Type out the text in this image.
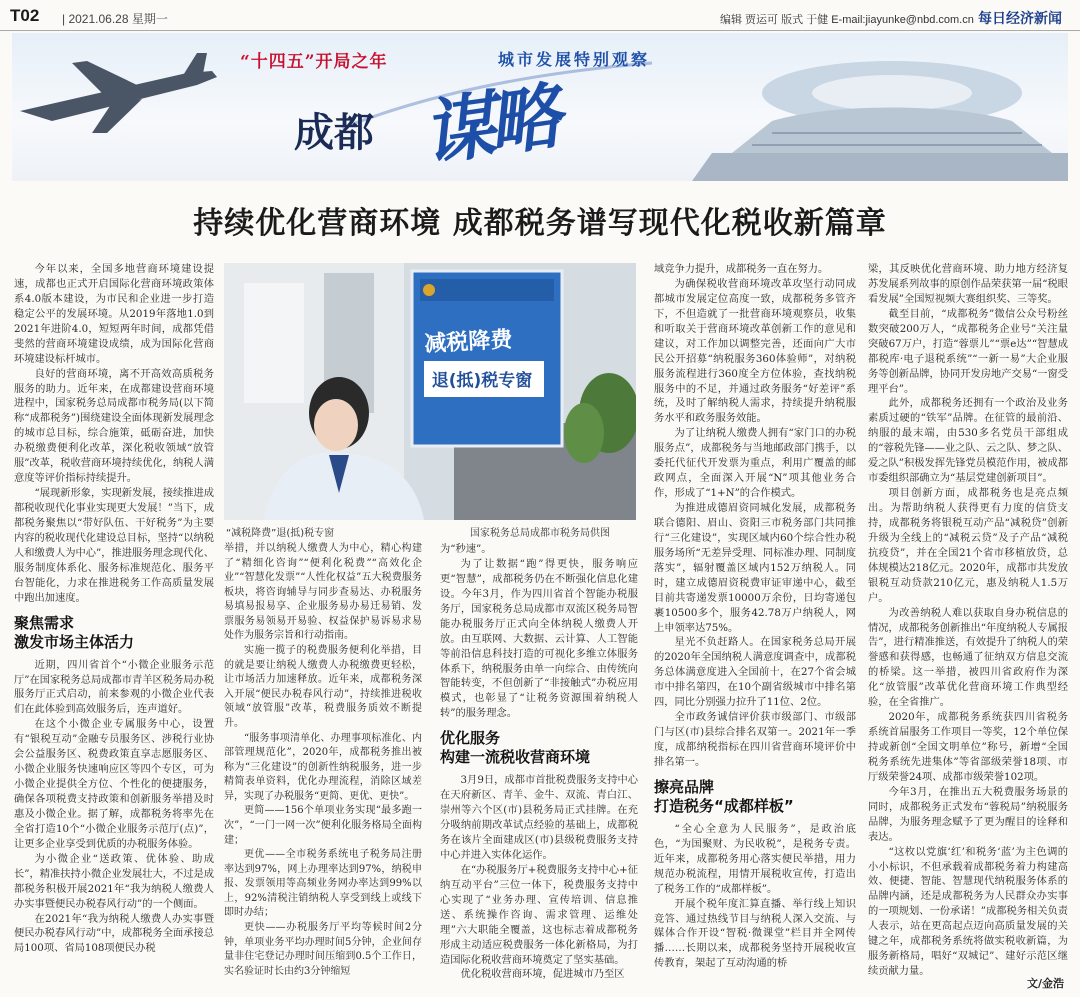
T02 | 2021.06.28 星期一	编辑 贾运可 版式 于健 E-mail:jiayunke@nbd.com.cn 每日经济新闻
“十四五”开局之年	城市发展特别观察
成都 谋略
持续优化营商环境 成都税务谱写现代化税收新篇章

今年以来，全国多地营商环境建设提速，成都也正式开启国际化营商环境政策体系4.0版本建设，为市民和企业进一步打造稳定公平的发展环境。从2019年落地1.0到2021年进阶4.0，短短两年时间，成都凭借斐然的营商环境建设成绩，成为国际化营商环境建设标杆城市。

良好的营商环境，离不开高效高质税务服务的助力。近年来，在成都建设营商环境进程中，国家税务总局成都市税务局(以下简称“成都税务”)围绕建设全面体现新发展理念的城市总目标，综合施策，砥砺奋进，加快办税缴费便利化改革，深化税收领域“放管服”改革，税收营商环境持续优化，纳税人满意度等评价指标持续提升。

“展现新形象，实现新发展，接续推进成都税收现代化事业实现更大发展！”当下，成都税务聚焦以“带好队伍、干好税务”为主要内容的税收现代化建设总目标，坚持“以纳税人和缴费人为中心”，推进服务理念现代化、服务制度体系化、服务标准规范化、服务平台智能化，力求在推进税务工作高质量发展中跑出加速度。

聚焦需求
激发市场主体活力

近期，四川省首个“小微企业服务示范厅”在国家税务总局成都市青羊区税务局办税服务厅正式启动，前来参观的小微企业代表们在此体验到高效服务后，连声道好。

在这个小微企业专属服务中心，设置有“银税互动”金融专员服务区、涉税行业协会公益服务区、税费政策直享志愿服务区、小微企业服务快速响应区等四个专区，可为小微企业提供全方位、个性化的便捷服务，确保各项税费支持政策和创新服务举措及时惠及小微企业。据了解，成都税务将率先在全省打造10个“小微企业服务示范厅(点)”，让更多企业享受到优质的办税服务体验。

为小微企业“送政策、优体验、助成长”，精准扶持小微企业发展壮大，不过是成都税务积极开展2021年“我为纳税人缴费人办实事暨便民办税春风行动”的一个侧面。

在2021年“我为纳税人缴费人办实事暨便民办税春风行动”中，成都税务全面承接总局100项、省局108项便民办税

减税降费
退(抵)税专窗
“减税降费”退(抵)税专窗	国家税务总局成都市税务局供图

举措，并以纳税人缴费人为中心，精心构建了“精细化咨询”“便利化税费”“高效化企业”“智慧化发票”“人性化权益”五大税费服务板块，将咨询辅导与同步查易达、办税服务易填易报易享、企业服务易办易迁易销、发票服务易领易开易验、权益保护易诉易求易处作为服务宗旨和行动指南。

实施一揽子的税费服务便利化举措，目的就是要让纳税人缴费人办税缴费更轻松，让市场活力加速释放。近年来，成都税务深入开展“便民办税春风行动”，持续推进税收领域“放管服”改革，税费服务质效不断提升。

“服务事项清单化、办理事项标准化、内部管理规范化”，2020年，成都税务推出被称为“三化建设”的创新性纳税服务，进一步精简表单资料，优化办理流程，消除区域差异，实现了办税服务“更简、更优、更快”。

更简——156个单项业务实现“最多跑一次”，“一门一网一次”便利化服务格局全面构建；

更优——全市税务系统电子税务局注册率达到97%，网上办理率达到97%，纳税申报、发票领用等高频业务网办率达到99%以上，92%清税注销纳税人享受到线上或线下即时办结；

更快——办税服务厅平均等候时间2分钟，单项业务平均办理时间5分钟，企业间存量非住宅登记办理时间压缩到0.5个工作日，实名验证时长由约3分钟缩短

为“秒速”。

为了让数据“跑”得更快，服务响应更“智慧”，成都税务仍在不断强化信息化建设。今年3月，作为四川省首个智能办税服务厅，国家税务总局成都市双流区税务局智能办税服务厅正式向全体纳税人缴费人开放。由互联网、大数据、云计算、人工智能等前沿信息科技打造的可视化多维立体服务体系下，纳税服务由单一向综合、由传统向智能转变，不但创新了“非接触式”办税应用模式，也彰显了“让税务资源围着纳税人转”的服务理念。

优化服务
构建一流税收营商环境

3月9日，成都市首批税费服务支持中心在天府新区、青羊、金牛、双流、青白江、崇州等六个区(市)县税务局正式挂牌。在充分吸纳前期改革试点经验的基础上，成都税务在该片全面建成区(市)县级税费服务支持中心并进入实体化运作。

在“办税服务厅+税费服务支持中心+征纳互动平台”三位一体下，税费服务支持中心实现了“业务办理、宣传培训、信息推送、系统操作咨询、需求管理、运维处理”六大职能全覆盖，这也标志着成都税务形成主动适应税费服务一体化新格局，为打造国际化税收营商环境奠定了坚实基础。

优化税收营商环境，促进城市乃至区

域竞争力提升，成都税务一直在努力。

为确保税收营商环境改革攻坚行动同成都城市发展定位高度一致，成都税务多管齐下，不但造就了一批营商环境观察员，收集和听取关于营商环境改革创新工作的意见和建议，对工作加以调整完善，还面向广大市民公开招募“纳税服务360体验师”，对纳税服务流程进行360度全方位体验，查找纳税服务中的不足，并通过政务服务“好差评”系统，及时了解纳税人需求，持续提升纳税服务水平和政务服务效能。

为了让纳税人缴费人拥有“家门口的办税服务点”，成都税务与当地邮政部门携手，以委托代征代开发票为重点，利用广覆盖的邮政网点，全面深入开展“N”项其他业务合作，形成了“1+N”的合作模式。

为推进成德眉资同城化发展，成都税务联合德阳、眉山、资阳三市税务部门共同推行“三化建设”，实现区域内60个综合性办税服务场所“无差异受理、同标准办理、同制度落实”，辐射覆盖区域内152万纳税人。同时，建立成德眉资税费审证审递中心，截至目前共寄递发票10000万余份，日均寄递包裹10500多个，服务42.78万户纳税人，网上申领率达75%。

星光不负赶路人。在国家税务总局开展的2020年全国纳税人满意度调查中，成都税务总体满意度进入全国前十，在27个省会城市中排名第四，在10个副省级城市中排名第四，同比分别强力拉升了11位、2位。

全市政务诚信评价获市级部门、市级部门与区(市)县综合排名双第一。2021年一季度，成都纳税指标在四川省营商环境评价中排名第一。

擦亮品牌
打造税务“成都样板”

“全心全意为人民服务”，是政治底色，“为国聚财、为民收税”，是税务专责。近年来，成都税务用心落实便民举措，用力规范办税流程，用情开展税收宣传，打造出了税务工作的“成都样板”。

开展个税年度汇算直播、举行线上知识竞答、通过热线节目与纳税人深入交流、与媒体合作开设“智税·微课堂”栏目并全网传播……长期以来，成都税务坚持开展税收宣传教育，架起了互动沟通的桥

梁，其反映优化营商环境、助力地方经济复苏发展系列故事的原创作品荣获第一届“税眼看发展”全国短视频大赛组织奖、三等奖。

截至目前，“成都税务”微信公众号粉丝数突破200万人，“成都税务企业号”关注量突破67万户，打造“蓉票儿”“票e达”“智慧成都税库·电子退税系统”“一新一易”大企业服务等创新品牌，协同开发房地产交易“一窗受理平台”。

此外，成都税务还拥有一个政治及业务素质过硬的“铁军”品牌。在征管的最前沿、纳服的最末端，由530多名党员干部组成的“蓉税先锋——业之队、云之队、梦之队、爱之队”积极发挥先锋党员模范作用，被成都市委组织部确立为“基层党建创新项目”。

项目创新方面，成都税务也是亮点频出。为帮助纳税人获得更有力度的信贷支持，成都税务将银税互动产品“减税贷”创新升级为全线上的“减税云贷”及子产品“减税抗疫贷”，并在全国21个省市移植放贷，总体规模达218亿元。2020年，成都市共发放银税互动贷款210亿元，惠及纳税人1.5万户。

为改善纳税人难以获取自身办税信息的情况，成都税务创新推出“年度纳税人专属报告”，进行精准推送，有效提升了纳税人的荣誉感和获得感，也畅通了征纳双方信息交流的桥梁。这一举措，被四川省政府作为深化“放管服”改革优化营商环境工作典型经验，在全省推广。

2020年，成都税务系统获四川省税务系统首届服务工作项目一等奖，12个单位保持或新创“全国文明单位”称号，新增“全国税务系统先进集体”等省部级荣誉18项、市厅级荣誉24项、成都市级荣誉102项。

今年3月，在推出五大税费服务场景的同时，成都税务正式发布“蓉税局”纳税服务品牌，为服务理念赋予了更为醒目的诠释和表达。

“这枚以党旗‘红’和税务‘蓝’为主色调的小小标识，不但承载着成都税务着力构建高效、便捷、智能、智慧现代纳税服务体系的品牌内涵，还是成都税务为人民群众办实事的一项规划、一份承诺！”成都税务相关负责人表示，站在更高起点迈向高质量发展的关键之年，成都税务系统将做实税收新篇，为服务新格局，唱好“双城记”、建好示范区继续贡献力量。

文/金浩
